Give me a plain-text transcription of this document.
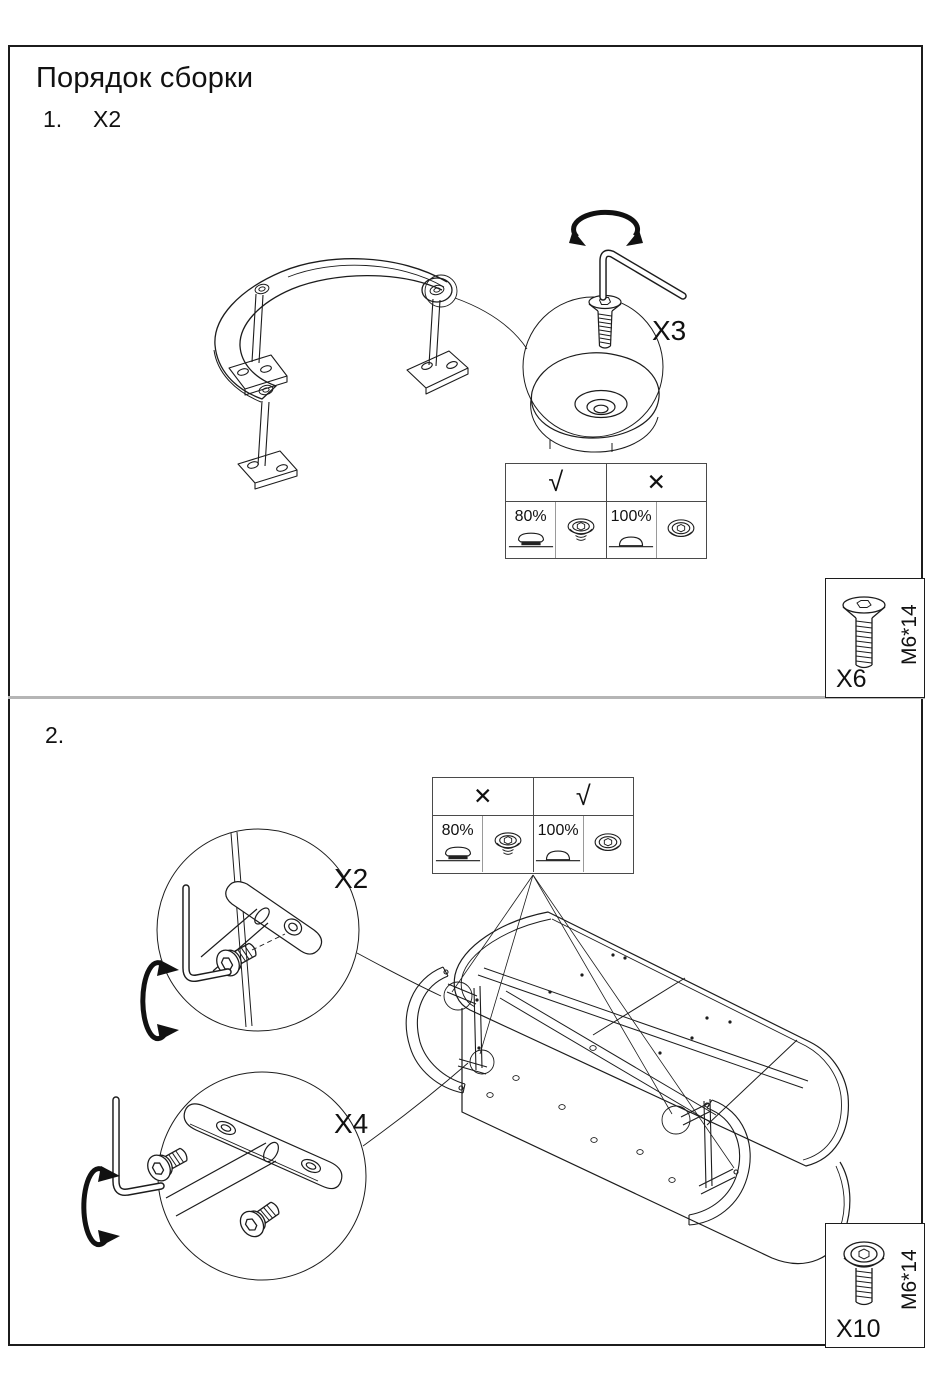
X3
X2
X4
Порядок сборки
1. X2
2.
√	✕
80%	100%
✕	√
80%	100%
M6*14
X6
M6*14
X10
